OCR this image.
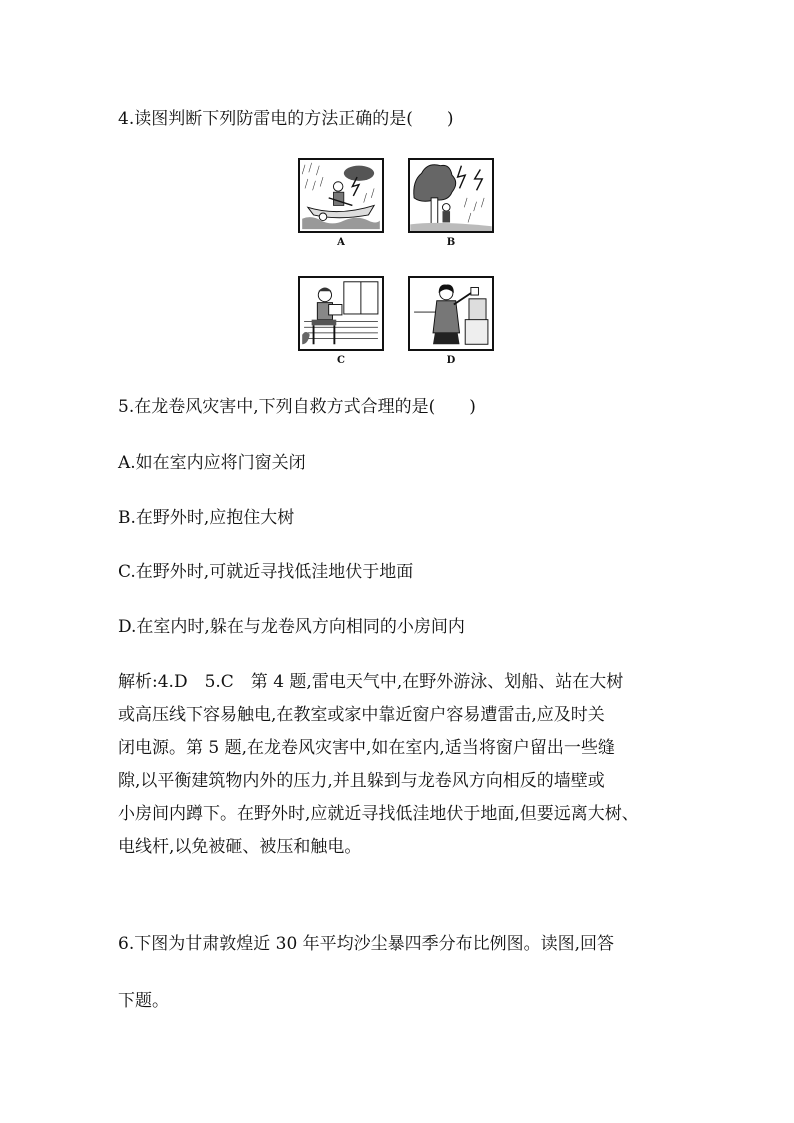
4.读图判断下列防雷电的方法正确的是(　　)
A	B
C	D
5.在龙卷风灾害中,下列自救方式合理的是(　　)
A.如在室内应将门窗关闭
B.在野外时,应抱住大树
C.在野外时,可就近寻找低洼地伏于地面
D.在室内时,躲在与龙卷风方向相同的小房间内
解析:4.D　5.C　第 4 题,雷电天气中,在野外游泳、划船、站在大树
或高压线下容易触电,在教室或家中靠近窗户容易遭雷击,应及时关
闭电源。第 5 题,在龙卷风灾害中,如在室内,适当将窗户留出一些缝
隙,以平衡建筑物内外的压力,并且躲到与龙卷风方向相反的墙壁或
小房间内蹲下。在野外时,应就近寻找低洼地伏于地面,但要远离大树、
电线杆,以免被砸、被压和触电。
6.下图为甘肃敦煌近 30 年平均沙尘暴四季分布比例图。读图,回答
下题。
